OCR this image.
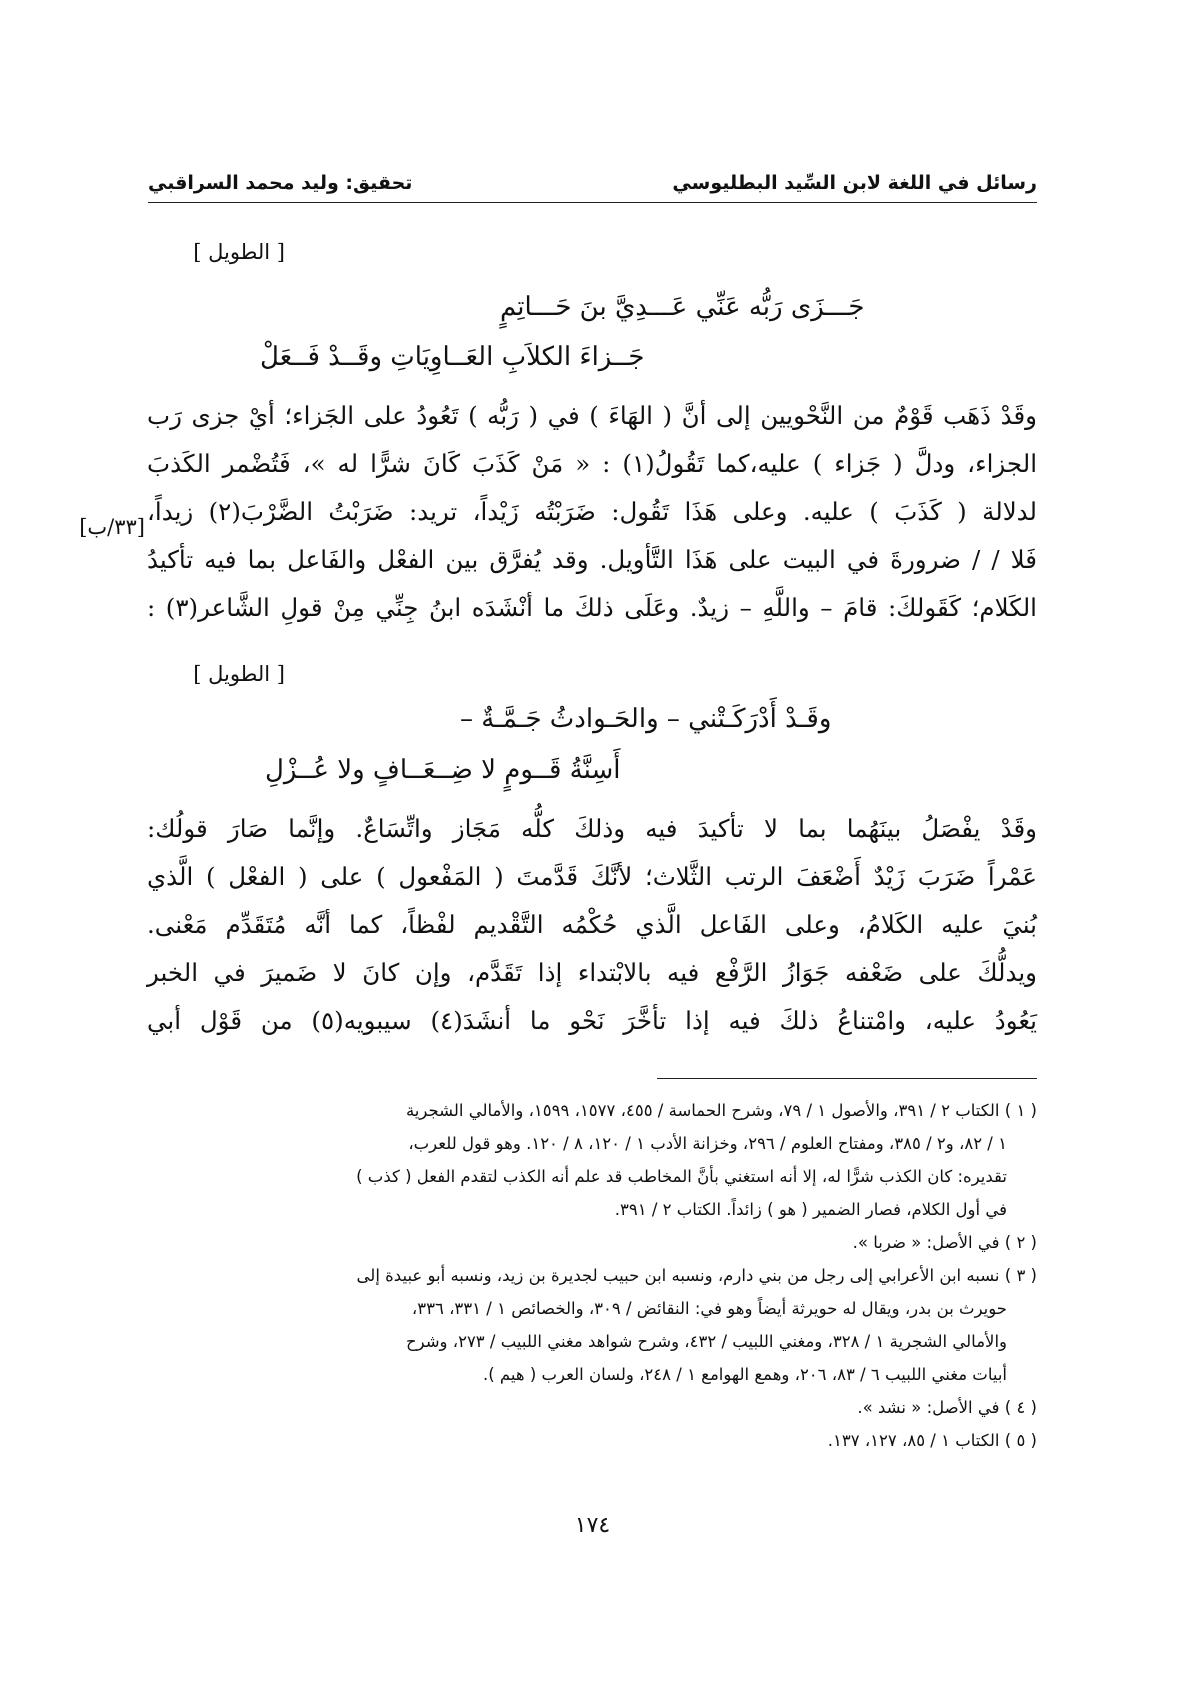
رسائل في اللغة لابن السِّيد البطليوسي
تحقيق: وليد محمد السراقبي
[ الطويل ]
جَـــزَى رَبُّه عَنِّي عَـــدِيَّ بنَ حَـــاتِمٍ
جَــزاءَ الكلاَبِ العَــاوِيَاتِ وقَــدْ فَــعَلْ
وقَدْ ذَهَب قَوْمٌ من النَّحْويين إلى أنَّ ( الهَاءَ ) في ( رَبُّه ) تَعُودُ على الجَزاء؛ أيْ جزى رَب
الجزاء، ودلَّ ( جَزاء ) عليه،كما تَقُولُ(١) : « مَنْ كَذَبَ كَانَ شرًّا له »، فَتُضْمر الكَذبَ
لدلالة ( كَذَبَ ) عليه. وعلى هَذَا تَقُول: ضَرَبْتُه زَيْداً، تريد: ضَرَبْتُ الضَّرْبَ(٢) زيداً،
فَلا / / ضرورةَ في البيت على هَذَا التَّأويل. وقد يُفرَّق بين الفعْل والفَاعل بما فيه تأكيدُ
الكَلام؛ كَقَولكَ: قامَ – واللَّهِ – زيدٌ. وعَلَى ذلكَ ما أنْشَدَه ابنُ جِنِّي مِنْ قولِ الشَّاعر(٣) :
[٣٣/ب]
[ الطويل ]
وقَـدْ أَدْرَكَـتْني – والحَـوادثُ جَـمَّـةٌ –
أَسِنَّةُ قَــومٍ لا ضِــعَــافٍ ولا عُــزْلِ
وقَدْ يفْصَلُ بينَهُما بما لا تأكيدَ فيه وذلكَ كلُّه مَجَاز واتِّسَاعٌ. وإنَّما صَارَ قولُك:
عَمْراً ضَرَبَ زَيْدٌ أَضْعَفَ الرتب الثَّلاث؛ لأنَّكَ قَدَّمتَ ( المَفْعول ) على ( الفعْل ) الَّذي
بُنيَ عليه الكَلامُ، وعلى الفَاعل الَّذي حُكْمُه التَّقْديم لفْظاً، كما أنَّه مُتَقَدِّم مَعْنى.
ويدلُّكَ على ضَعْفه جَوَازُ الرَّفْع فيه بالابْتداء إذا تَقَدَّم، وإن كانَ لا ضَميرَ في الخبر
يَعُودُ عليه، وامْتناعُ ذلكَ فيه إذا تأخَّرَ نَحْو ما أنشَدَ(٤) سيبويه(٥) من قَوْل أبي
( ١ ) الكتاب ٢ / ٣٩١، والأصول ١ / ٧٩، وشرح الحماسة / ٤٥٥، ١٥٧٧، ١٥٩٩، والأمالي الشجرية
١ / ٨٢، و٢ / ٣٨٥، ومفتاح العلوم / ٢٩٦، وخزانة الأدب ١ / ١٢٠، ٨ / ١٢٠. وهو قول للعرب،
تقديره: كان الكذب شرًّا له، إلا أنه استغني بأنَّ المخاطب قد علم أنه الكذب لتقدم الفعل ( كذب )
في أول الكلام، فصار الضمير ( هو ) زائداً. الكتاب ٢ / ٣٩١.
( ٢ ) في الأصل: « ضربا ».
( ٣ ) نسبه ابن الأعرابي إلى رجل من بني دارم، ونسبه ابن حبيب لجديرة بن زيد، ونسبه أبو عبيدة إلى
حويرث بن بدر، ويقال له حويرثة أيضاً وهو في: النقائض / ٣٠٩، والخصائص ١ / ٣٣١، ٣٣٦،
والأمالي الشجرية ١ / ٣٢٨، ومغني اللبيب / ٤٣٢، وشرح شواهد مغني اللبيب / ٢٧٣، وشرح
أبيات مغني اللبيب ٦ / ٨٣، ٢٠٦، وهمع الهوامع ١ / ٢٤٨، ولسان العرب ( هيم ).
( ٤ ) في الأصل: « نشد ».
( ٥ ) الكتاب ١ / ٨٥، ١٢٧، ١٣٧.
١٧٤
